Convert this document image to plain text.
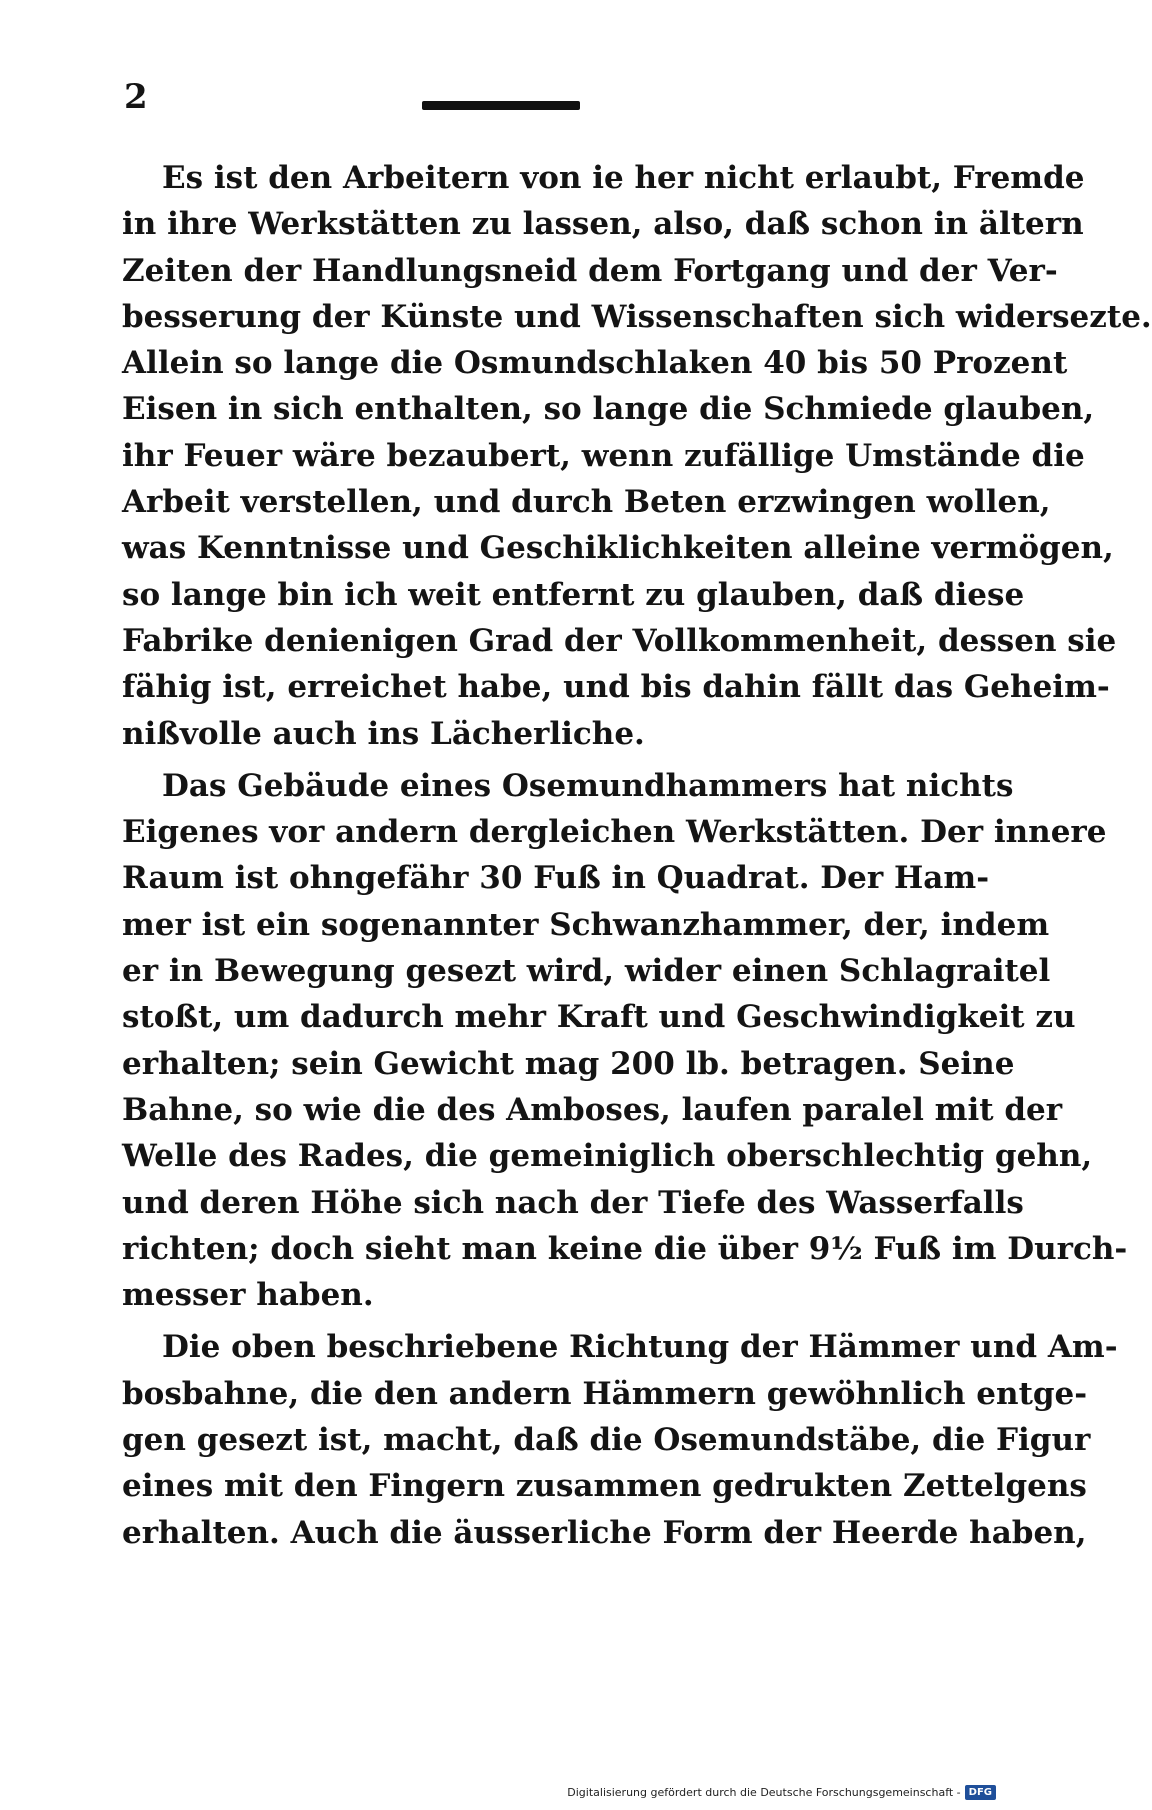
2
Es ist den Arbeitern von ie her nicht erlaubt, Fremde
in ihre Werkstätten zu lassen, also, daß schon in ältern
Zeiten der Handlungsneid dem Fortgang und der Ver-
besserung der Künste und Wissenschaften sich widersezte.
Allein so lange die Osmundschlaken 40 bis 50 Prozent
Eisen in sich enthalten, so lange die Schmiede glauben,
ihr Feuer wäre bezaubert, wenn zufällige Umstände die
Arbeit verstellen, und durch Beten erzwingen wollen,
was Kenntnisse und Geschiklichkeiten alleine vermögen,
so lange bin ich weit entfernt zu glauben, daß diese
Fabrike denienigen Grad der Vollkommenheit, dessen sie
fähig ist, erreichet habe, und bis dahin fällt das Geheim-
nißvolle auch ins Lächerliche.
Das Gebäude eines Osemundhammers hat nichts
Eigenes vor andern dergleichen Werkstätten. Der innere
Raum ist ohngefähr 30 Fuß in Quadrat. Der Ham-
mer ist ein sogenannter Schwanzhammer, der, indem
er in Bewegung gesezt wird, wider einen Schlagraitel
stoßt, um dadurch mehr Kraft und Geschwindigkeit zu
erhalten; sein Gewicht mag 200 lb. betragen. Seine
Bahne, so wie die des Amboses, laufen paralel mit der
Welle des Rades, die gemeiniglich oberschlechtig gehn,
und deren Höhe sich nach der Tiefe des Wasserfalls
richten; doch sieht man keine die über 9½ Fuß im Durch-
messer haben.
Die oben beschriebene Richtung der Hämmer und Am-
bosbahne, die den andern Hämmern gewöhnlich entge-
gen gesezt ist, macht, daß die Osemundstäbe, die Figur
eines mit den Fingern zusammen gedrukten Zettelgens
erhalten. Auch die äusserliche Form der Heerde haben,
Digitalisierung gefördert durch die Deutsche Forschungsgemeinschaft - DFG
